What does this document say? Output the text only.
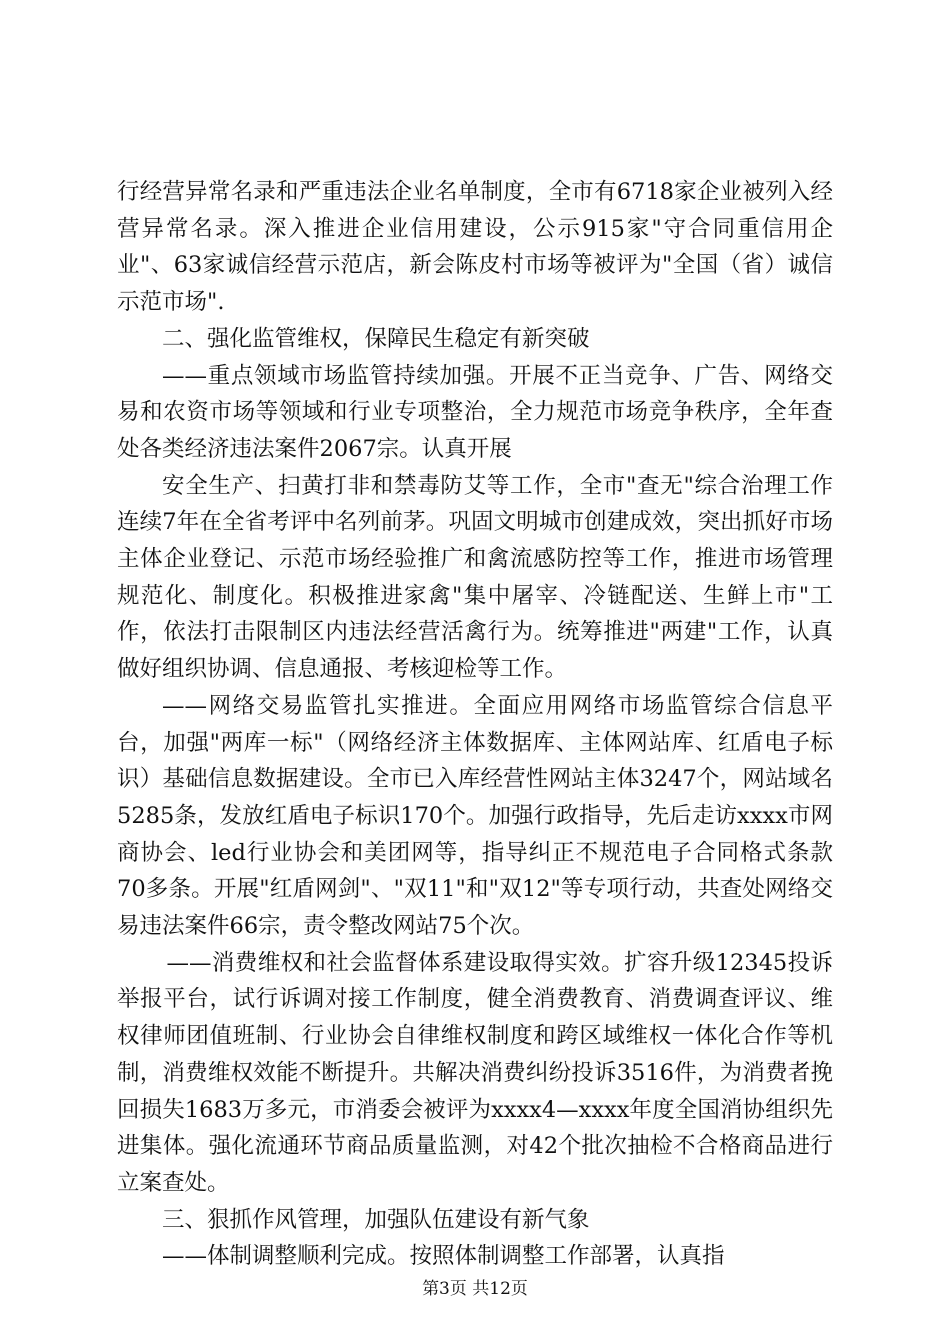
行经营异常名录和严重违法企业名单制度，全市有6718家企业被列入经营异常名录。深入推进企业信用建设，公示915家"守合同重信用企业"、63家诚信经营示范店，新会陈皮村市场等被评为"全国（省）诚信示范市场".

二、强化监管维权，保障民生稳定有新突破

——重点领域市场监管持续加强。开展不正当竞争、广告、网络交易和农资市场等领域和行业专项整治，全力规范市场竞争秩序，全年查处各类经济违法案件2067宗。认真开展

安全生产、扫黄打非和禁毒防艾等工作，全市"查无"综合治理工作连续7年在全省考评中名列前茅。巩固文明城市创建成效，突出抓好市场主体企业登记、示范市场经验推广和禽流感防控等工作，推进市场管理规范化、制度化。积极推进家禽"集中屠宰、冷链配送、生鲜上市"工作，依法打击限制区内违法经营活禽行为。统筹推进"两建"工作，认真做好组织协调、信息通报、考核迎检等工作。

——网络交易监管扎实推进。全面应用网络市场监管综合信息平台，加强"两库一标"（网络经济主体数据库、主体网站库、红盾电子标识）基础信息数据建设。全市已入库经营性网站主体3247个，网站域名5285条，发放红盾电子标识170个。加强行政指导，先后走访xxxx市网商协会、led行业协会和美团网等，指导纠正不规范电子合同格式条款70多条。开展"红盾网剑"、"双11"和"双12"等专项行动，共查处网络交易违法案件66宗，责令整改网站75个次。

——消费维权和社会监督体系建设取得实效。扩容升级12345投诉举报平台，试行诉调对接工作制度，健全消费教育、消费调查评议、维权律师团值班制、行业协会自律维权制度和跨区域维权一体化合作等机制，消费维权效能不断提升。共解决消费纠纷投诉3516件，为消费者挽回损失1683万多元，市消委会被评为xxxx4—xxxx年度全国消协组织先进集体。强化流通环节商品质量监测，对42个批次抽检不合格商品进行立案查处。

三、狠抓作风管理，加强队伍建设有新气象

——体制调整顺利完成。按照体制调整工作部署，认真指

第3页 共12页
